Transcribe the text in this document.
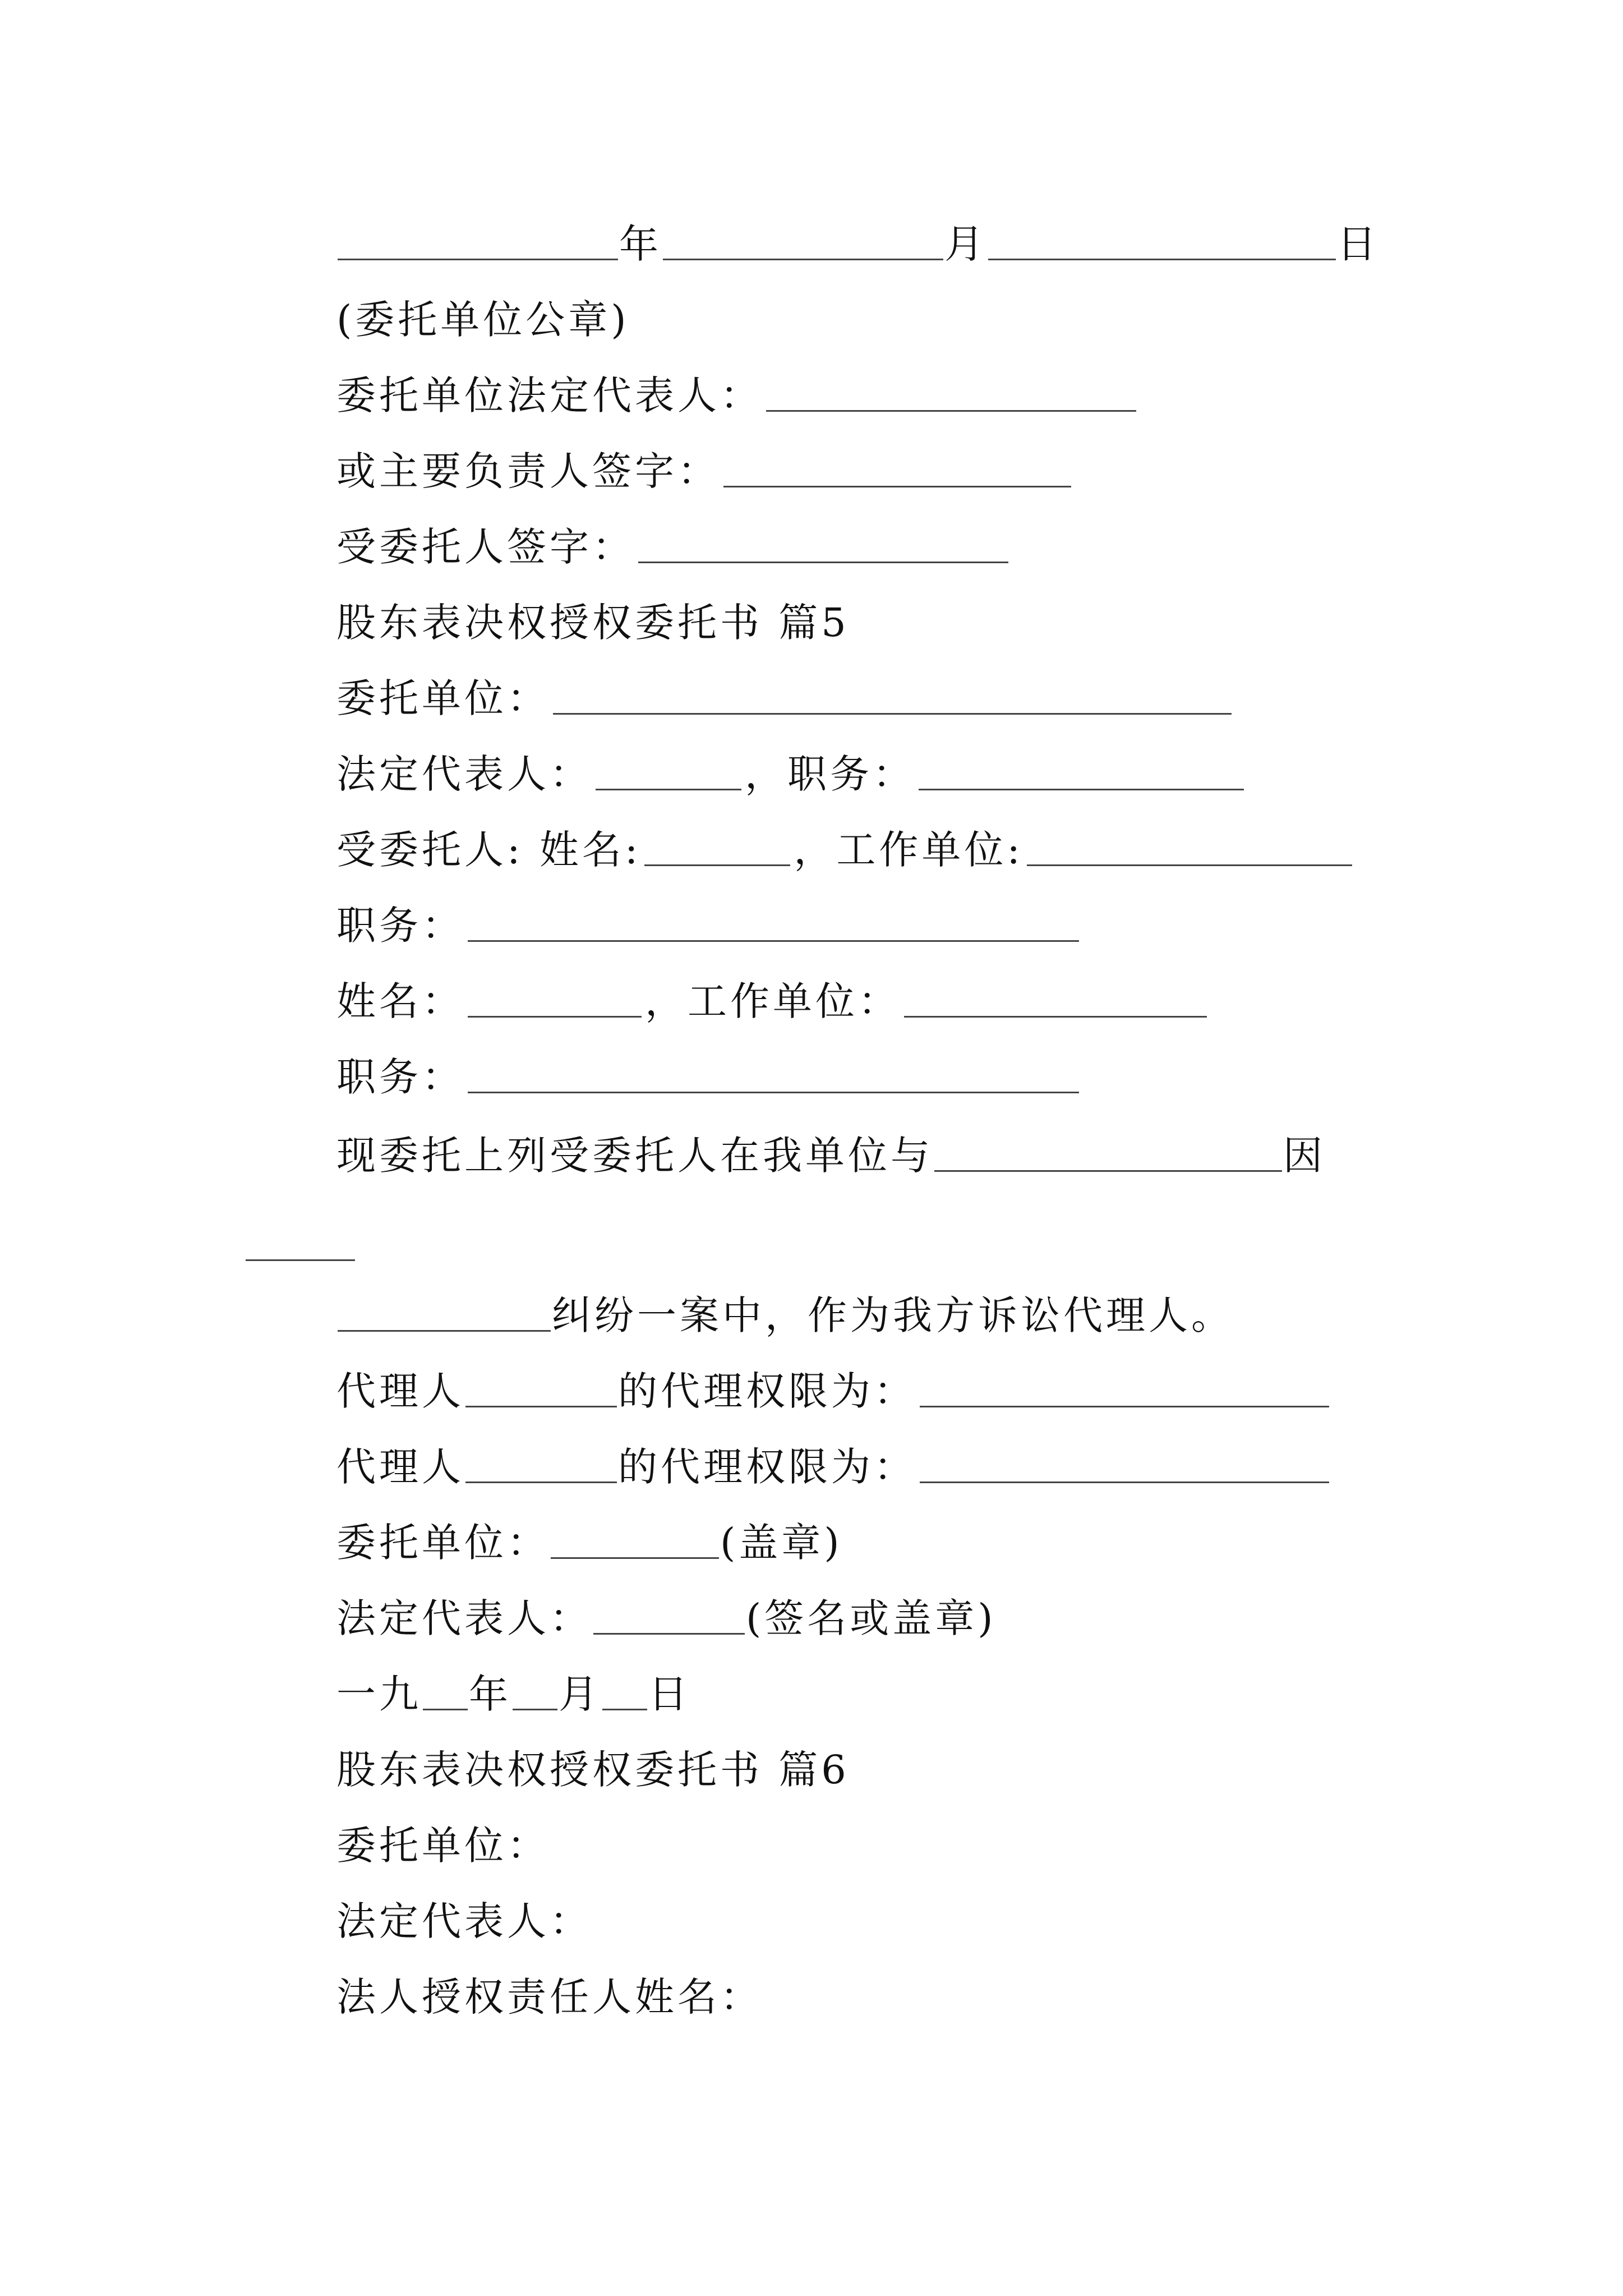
年	月	日
(委托单位公章)
委托单位法定代表人：
或主要负责人签字：
受委托人签字：
股东表决权授权委托书 篇5
委托单位：
法定代表人：	，职务：
受委托人: 姓名:	，工作单位:
职务：
姓名：	，工作单位：
职务：
现委托上列受委托人在我单位与	因
纠纷一案中，作为我方诉讼代理人。
代理人	的代理权限为：
代理人	的代理权限为：
委托单位：	(盖章)
法定代表人：	(签名或盖章)
一九 年 月 日
股东表决权授权委托书 篇6
委托单位：
法定代表人：
法人授权责任人姓名：
